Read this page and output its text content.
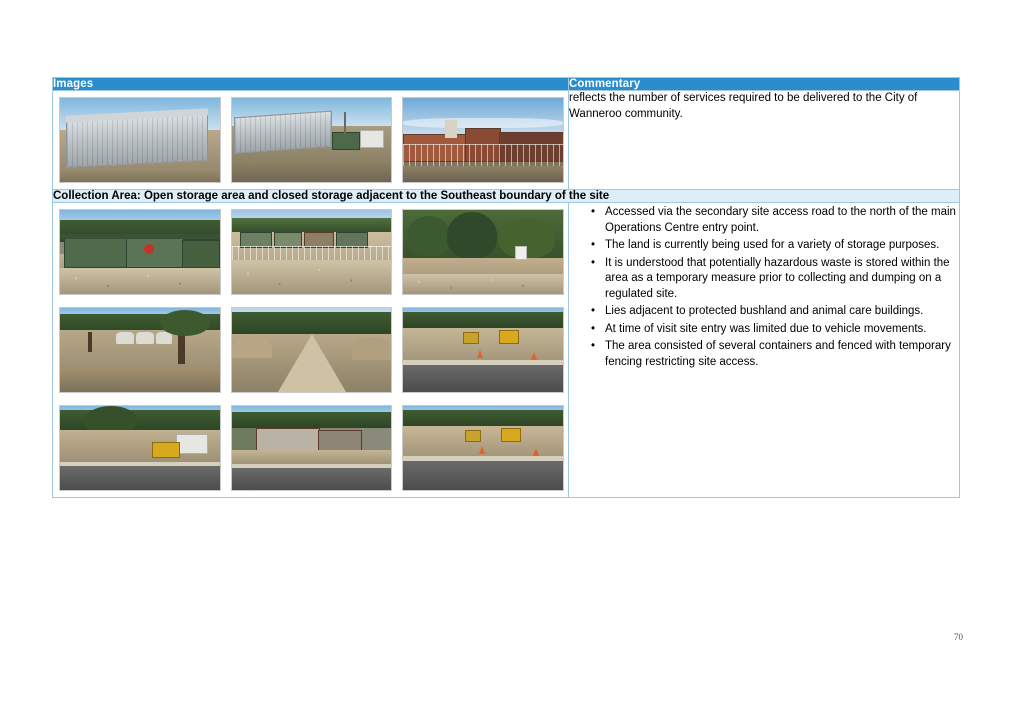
Images	Commentary

	reflects the number of services required to be delivered to the City of Wanneroo community.

Collection Area: Open storage area and closed storage adjacent to the Southeast boundary of the site	

• Accessed via the secondary site access road to the north of the main Operations Centre entry point.
• The land is currently being used for a variety of storage purposes.
• It is understood that potentially hazardous waste is stored within the area as a temporary measure prior to collecting and dumping on a regulated site.
• Lies adjacent to protected bushland and animal care buildings.
• At time of visit site entry was limited due to vehicle movements.
• The area consisted of several containers and fenced with temporary fencing restricting site access.
70
